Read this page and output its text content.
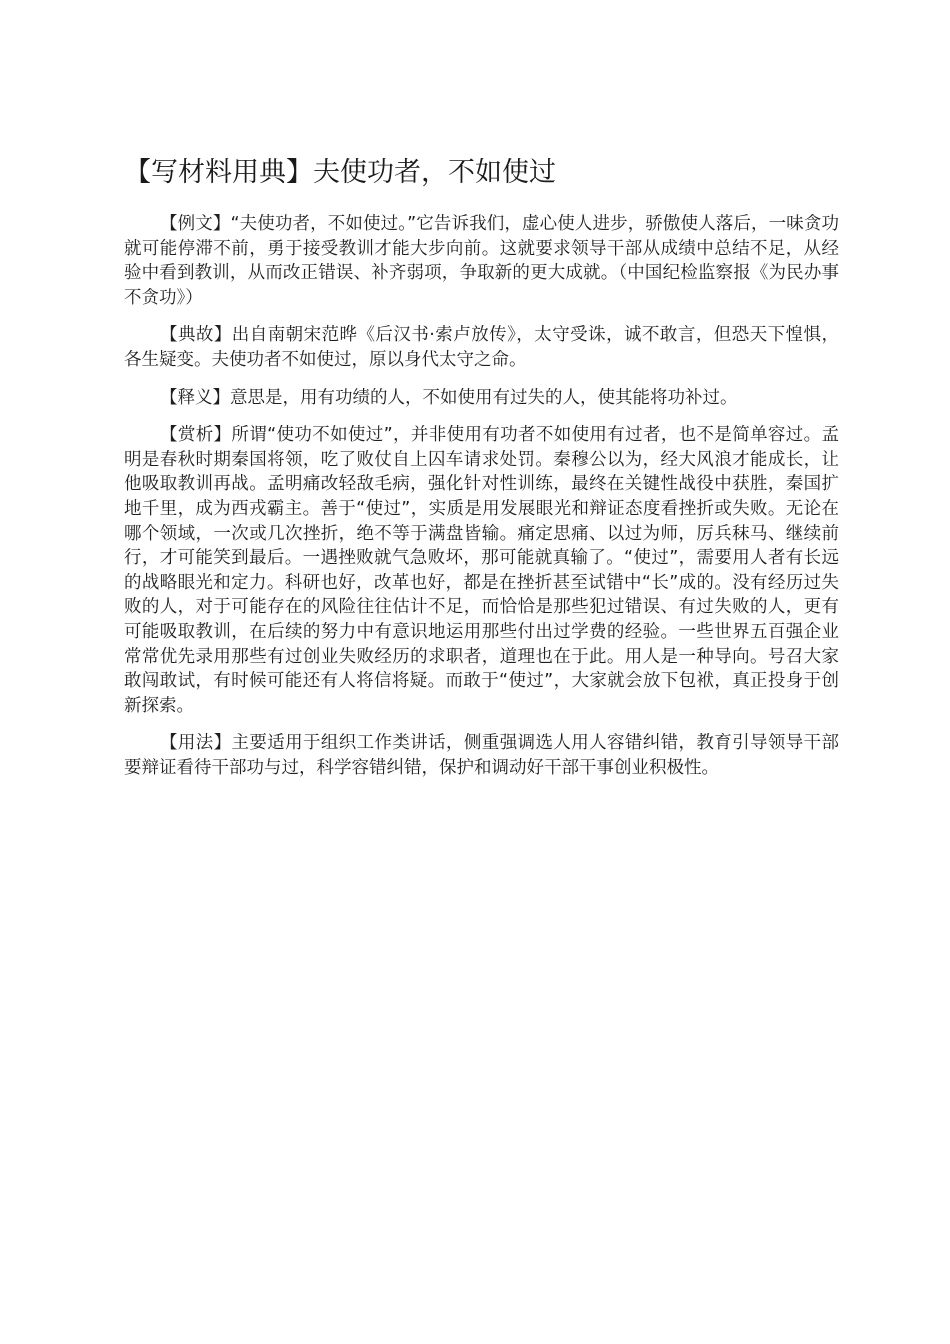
【写材料用典】夫使功者，不如使过

【例文】“夫使功者，不如使过。”它告诉我们，虚心使人进步，骄傲使人落后，一味贪功就可能停滞不前，勇于接受教训才能大步向前。这就要求领导干部从成绩中总结不足，从经验中看到教训，从而改正错误、补齐弱项，争取新的更大成就。（中国纪检监察报《为民办事不贪功》）

【典故】出自南朝宋范晔《后汉书·索卢放传》，太守受诛，诚不敢言，但恐天下惶惧，各生疑变。夫使功者不如使过，原以身代太守之命。

【释义】意思是，用有功绩的人，不如使用有过失的人，使其能将功补过。

【赏析】所谓“使功不如使过”，并非使用有功者不如使用有过者，也不是简单容过。孟明是春秋时期秦国将领，吃了败仗自上囚车请求处罚。秦穆公以为，经大风浪才能成长，让他吸取教训再战。孟明痛改轻敌毛病，强化针对性训练，最终在关键性战役中获胜，秦国扩地千里，成为西戎霸主。善于“使过”，实质是用发展眼光和辩证态度看挫折或失败。无论在哪个领域，一次或几次挫折，绝不等于满盘皆输。痛定思痛、以过为师，厉兵秣马、继续前行，才可能笑到最后。一遇挫败就气急败坏，那可能就真输了。“使过”，需要用人者有长远的战略眼光和定力。科研也好，改革也好，都是在挫折甚至试错中“长”成的。没有经历过失败的人，对于可能存在的风险往往估计不足，而恰恰是那些犯过错误、有过失败的人，更有可能吸取教训，在后续的努力中有意识地运用那些付出过学费的经验。一些世界五百强企业常常优先录用那些有过创业失败经历的求职者，道理也在于此。用人是一种导向。号召大家敢闯敢试，有时候可能还有人将信将疑。而敢于“使过”，大家就会放下包袱，真正投身于创新探索。

【用法】主要适用于组织工作类讲话，侧重强调选人用人容错纠错，教育引导领导干部要辩证看待干部功与过，科学容错纠错，保护和调动好干部干事创业积极性。
